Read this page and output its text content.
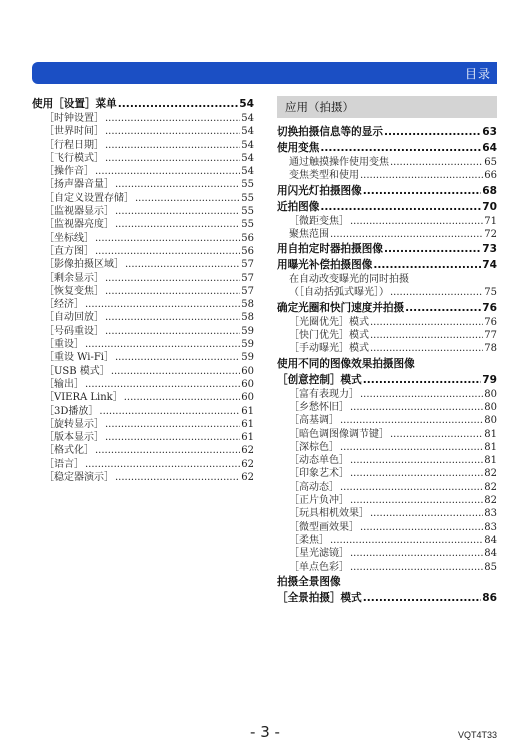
目录
使用［设置］菜单 .....	54
［时钟设置］ .....	54
［世界时间］ .....	54
［行程日期］ .....	54
［飞行模式］ .....	54
［操作音］ .....	54
［扬声器音量］ .....	55
［自定义设置存储］ .....	55
［监视器显示］ .....	55
［监视器亮度］ .....	55
［坐标线］ .....	56
［直方图］ .....	56
［影像拍摄区域］ .....	57
［剩余显示］ .....	57
［恢复变焦］ .....	57
［经济］ .....	58
［自动回放］ .....	58
［号码重设］ .....	59
［重设］ .....	59
［重设 Wi-Fi］ .....	59
［USB 模式］ .....	60
［输出］ .....	60
［VIERA Link］ .....	60
［3D播放］ .....	61
［旋转显示］ .....	61
［版本显示］ .....	61
［格式化］ .....	62
［语言］ .....	62
［稳定器演示］ .....	62
应用（拍摄）
切换拍摄信息等的显示 .....	63
使用变焦 .....	64
通过触摸操作使用变焦 .....	65
变焦类型和使用 .....	66
用闪光灯拍摄图像 .....	68
近拍图像 .....	70
［微距变焦］ .....	71
聚焦范围 .....	72
用自拍定时器拍摄图像 .....	73
用曝光补偿拍摄图像 .....	74
在自动改变曝光的同时拍摄
（［自动括弧式曝光］） .....	75
确定光圈和快门速度并拍摄 .....	76
［光圈优先］模式 .....	76
［快门优先］模式 .....	77
［手动曝光］模式 .....	78
使用不同的图像效果拍摄图像
［创意控制］模式 .....	79
［富有表现力］ .....	80
［乡愁怀旧］ .....	80
［高基调］ .....	80
［暗色调图像调节键］ .....	81
［深棕色］ .....	81
［动态单色］ .....	81
［印象艺术］ .....	82
［高动态］ .....	82
［正片负冲］ .....	82
［玩具相机效果］ .....	83
［微型画效果］ .....	83
［柔焦］ .....	84
［星光滤镜］ .....	84
［单点色彩］ .....	85
拍摄全景图像
［全景拍摄］模式 .....	86
- 3 -	VQT4T33
